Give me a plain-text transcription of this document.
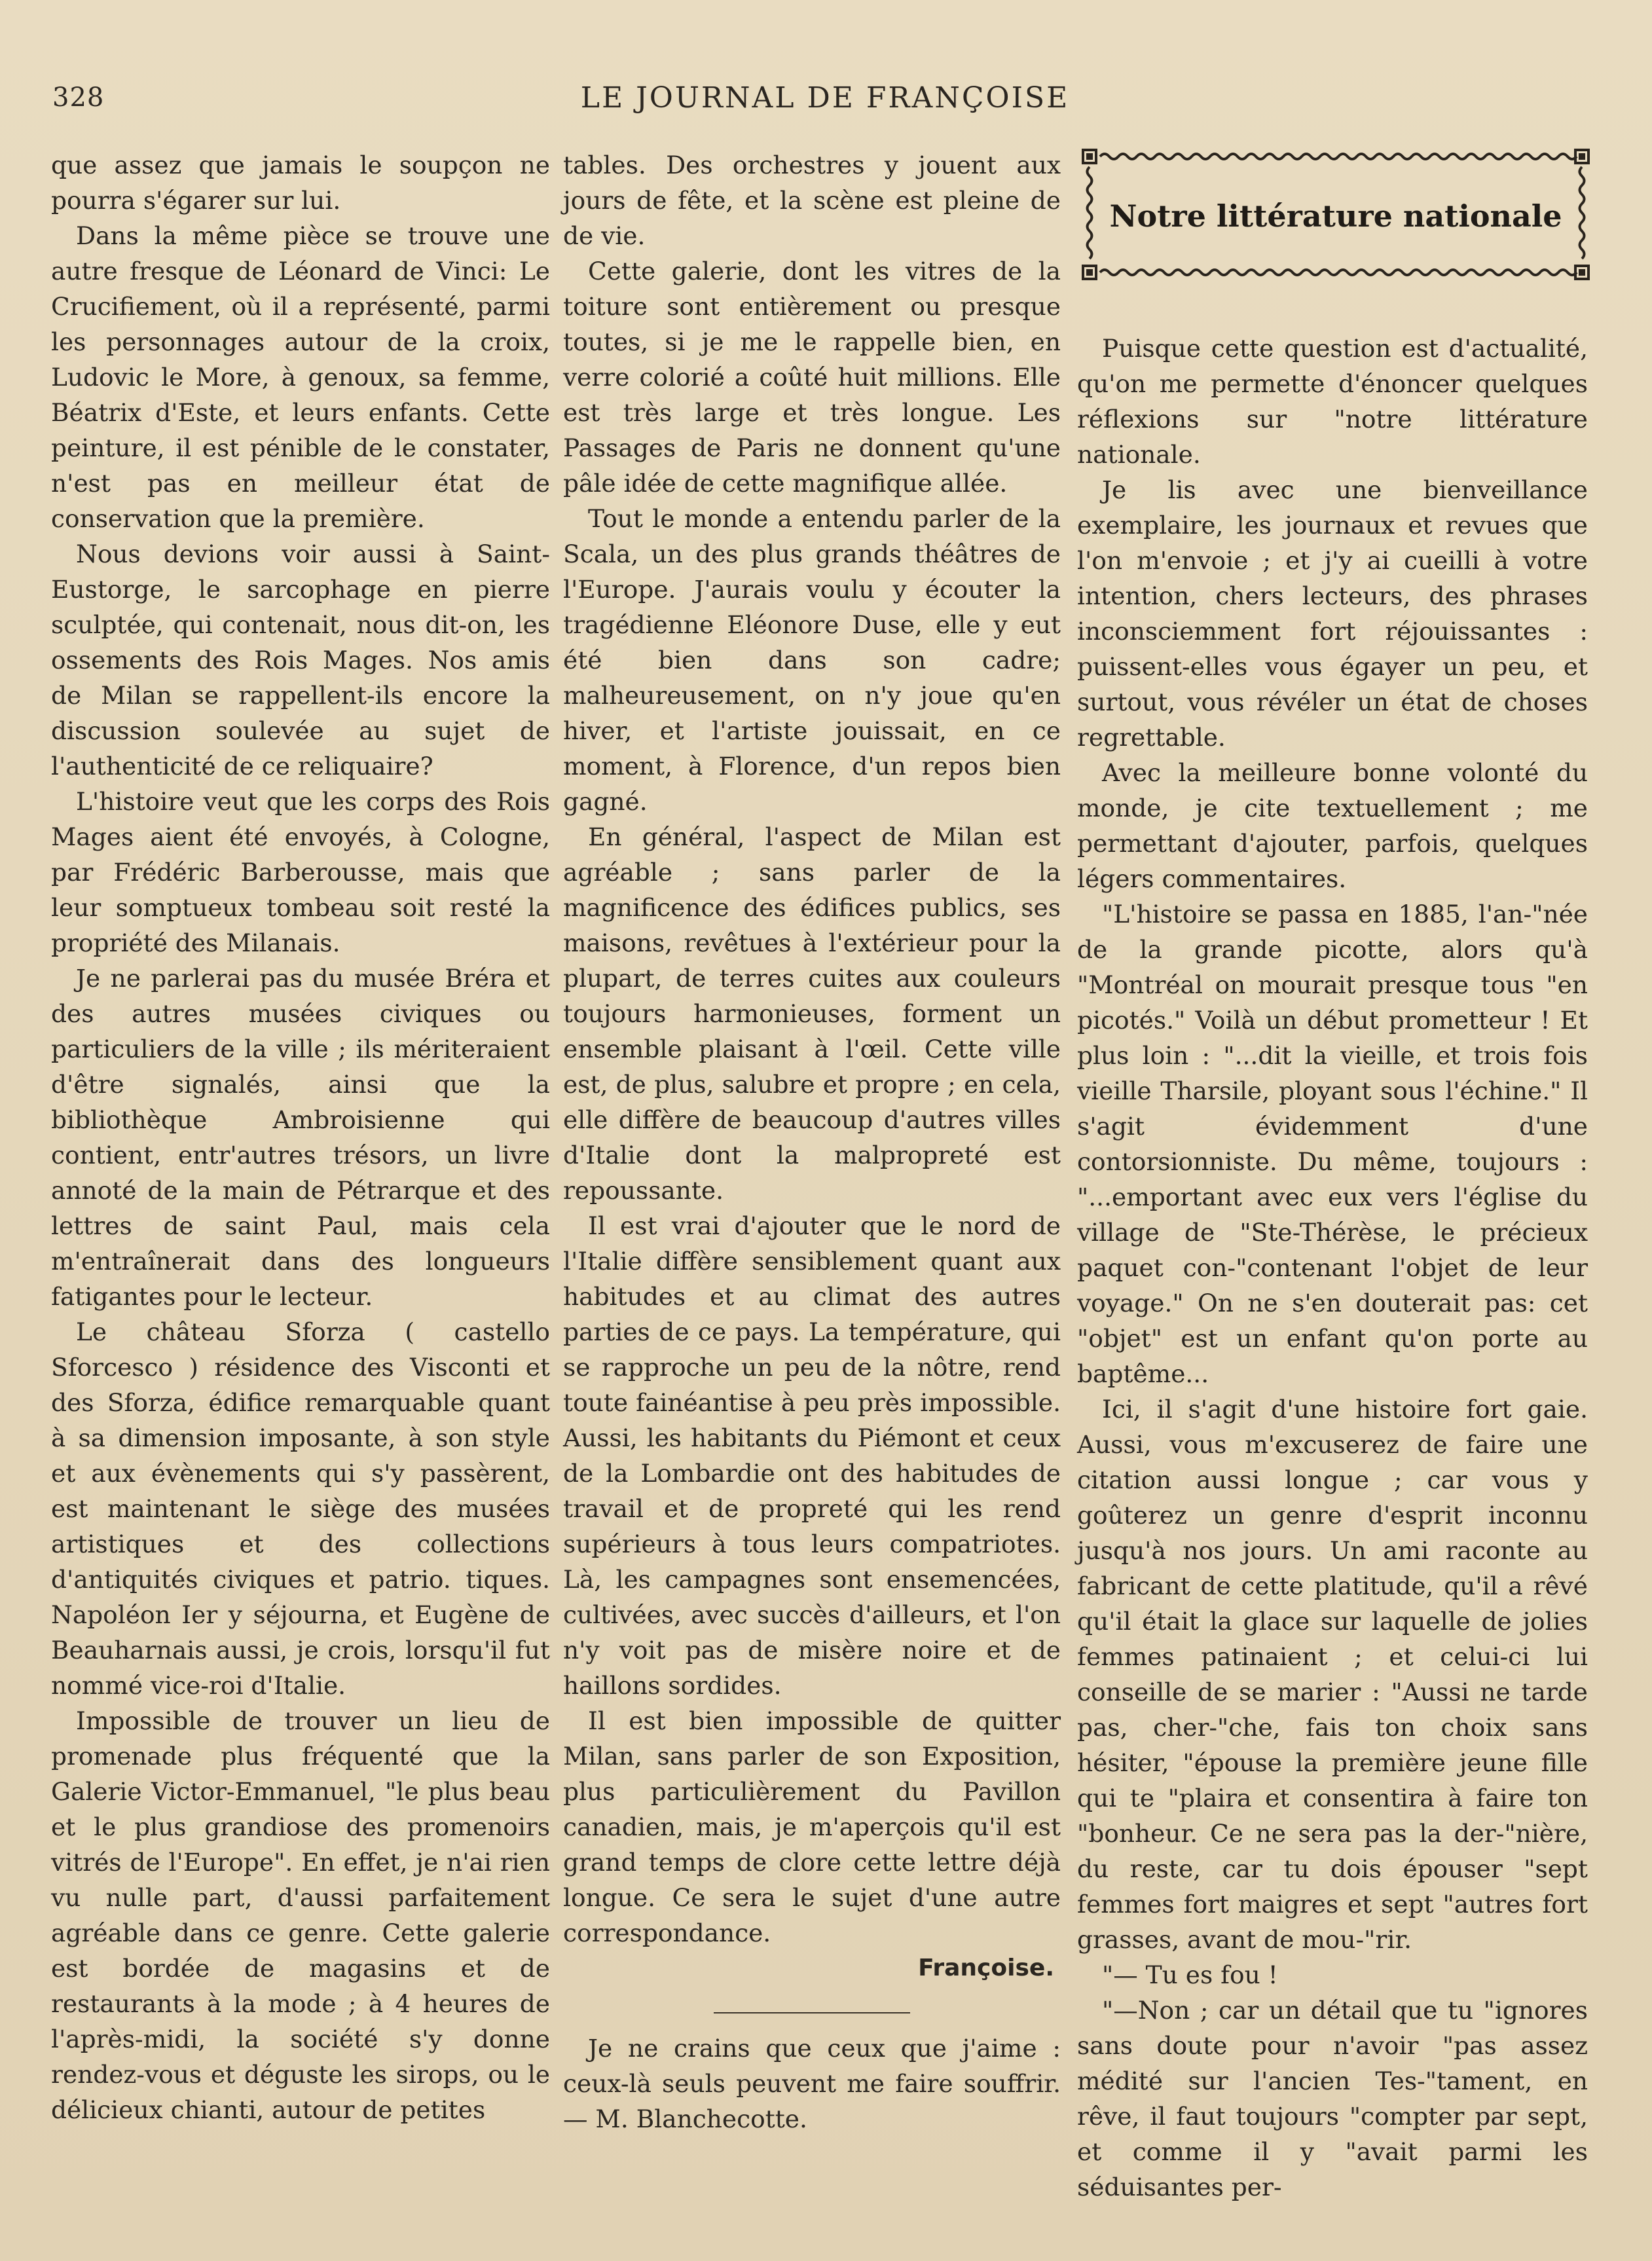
328	LE JOURNAL DE FRANÇOISE

que assez que jamais le soupçon ne pourra s'égarer sur lui.

Dans la même pièce se trouve une autre fresque de Léonard de Vinci: Le Crucifiement, où il a représenté, parmi les personnages autour de la croix, Ludovic le More, à genoux, sa femme, Béatrix d'Este, et leurs enfants. Cette peinture, il est pénible de le constater, n'est pas en meilleur état de conservation que la première.

Nous devions voir aussi à Saint-Eustorge, le sarcophage en pierre sculptée, qui contenait, nous dit-on, les ossements des Rois Mages. Nos amis de Milan se rappellent-ils encore la discussion soulevée au sujet de l'authenticité de ce reliquaire?

L'histoire veut que les corps des Rois Mages aient été envoyés, à Cologne, par Frédéric Barberousse, mais que leur somptueux tombeau soit resté la propriété des Milanais.

Je ne parlerai pas du musée Bréra et des autres musées civiques ou particuliers de la ville ; ils mériteraient d'être signalés, ainsi que la bibliothèque Ambroisienne qui contient, entr'autres trésors, un livre annoté de la main de Pétrarque et des lettres de saint Paul, mais cela m'entraînerait dans des longueurs fatigantes pour le lecteur.

Le château Sforza ( castello Sforcesco ) résidence des Visconti et des Sforza, édifice remarquable quant à sa dimension imposante, à son style et aux évènements qui s'y passèrent, est maintenant le siège des musées artistiques et des collections d'antiquités civiques et patrio. tiques. Napoléon Ier y séjourna, et Eugène de Beauharnais aussi, je crois, lorsqu'il fut nommé vice-roi d'Italie.

Impossible de trouver un lieu de promenade plus fréquenté que la Galerie Victor-Emmanuel, "le plus beau et le plus grandiose des promenoirs vitrés de l'Europe". En effet, je n'ai rien vu nulle part, d'aussi parfaitement agréable dans ce genre. Cette galerie est bordée de magasins et de restaurants à la mode ; à 4 heures de l'après-midi, la société s'y donne rendez-vous et déguste les sirops, ou le délicieux chianti, autour de petites

tables. Des orchestres y jouent aux jours de fête, et la scène est pleine de de vie.

Cette galerie, dont les vitres de la toiture sont entièrement ou presque toutes, si je me le rappelle bien, en verre colorié a coûté huit millions. Elle est très large et très longue. Les Passages de Paris ne donnent qu'une pâle idée de cette magnifique allée.

Tout le monde a entendu parler de la Scala, un des plus grands théâtres de l'Europe. J'aurais voulu y écouter la tragédienne Eléonore Duse, elle y eut été bien dans son cadre; malheureusement, on n'y joue qu'en hiver, et l'artiste jouissait, en ce moment, à Florence, d'un repos bien gagné.

En général, l'aspect de Milan est agréable ; sans parler de la magnificence des édifices publics, ses maisons, revêtues à l'extérieur pour la plupart, de terres cuites aux couleurs toujours harmonieuses, forment un ensemble plaisant à l'œil. Cette ville est, de plus, salubre et propre ; en cela, elle diffère de beaucoup d'autres villes d'Italie dont la malpropreté est repoussante.

Il est vrai d'ajouter que le nord de l'Italie diffère sensiblement quant aux habitudes et au climat des autres parties de ce pays. La température, qui se rapproche un peu de la nôtre, rend toute fainéantise à peu près impossible. Aussi, les habitants du Piémont et ceux de la Lombardie ont des habitudes de travail et de propreté qui les rend supérieurs à tous leurs compatriotes. Là, les campagnes sont ensemencées, cultivées, avec succès d'ailleurs, et l'on n'y voit pas de misère noire et de haillons sordides.

Il est bien impossible de quitter Milan, sans parler de son Exposition, plus particulièrement du Pavillon canadien, mais, je m'aperçois qu'il est grand temps de clore cette lettre déjà longue. Ce sera le sujet d'une autre correspondance.

Françoise.

Je ne crains que ceux que j'aime : ceux-là seuls peuvent me faire souffrir. — M. Blanchecotte.

Notre littérature nationale

Puisque cette question est d'actualité, qu'on me permette d'énoncer quelques réflexions sur "notre littérature nationale.

Je lis avec une bienveillance exemplaire, les journaux et revues que l'on m'envoie ; et j'y ai cueilli à votre intention, chers lecteurs, des phrases inconsciemment fort réjouissantes : puissent-elles vous égayer un peu, et surtout, vous révéler un état de choses regrettable.

Avec la meilleure bonne volonté du monde, je cite textuellement ; me permettant d'ajouter, parfois, quelques légers commentaires.

"L'histoire se passa en 1885, l'an-"née de la grande picotte, alors qu'à "Montréal on mourait presque tous "en picotés." Voilà un début prometteur ! Et plus loin : "...dit la vieille, et trois fois vieille Tharsile, ployant sous l'échine." Il s'agit évidemment d'une contorsionniste. Du même, toujours : "...emportant avec eux vers l'église du village de "Ste-Thérèse, le précieux paquet con-"contenant l'objet de leur voyage." On ne s'en douterait pas: cet "objet" est un enfant qu'on porte au baptême...

Ici, il s'agit d'une histoire fort gaie. Aussi, vous m'excuserez de faire une citation aussi longue ; car vous y goûterez un genre d'esprit inconnu jusqu'à nos jours. Un ami raconte au fabricant de cette platitude, qu'il a rêvé qu'il était la glace sur laquelle de jolies femmes patinaient ; et celui-ci lui conseille de se marier : "Aussi ne tarde pas, cher-"che, fais ton choix sans hésiter, "épouse la première jeune fille qui te "plaira et consentira à faire ton "bonheur. Ce ne sera pas la der-"nière, du reste, car tu dois épouser "sept femmes fort maigres et sept "autres fort grasses, avant de mou-"rir.

"— Tu es fou !

"—Non ; car un détail que tu "ignores sans doute pour n'avoir "pas assez médité sur l'ancien Tes-"tament, en rêve, il faut toujours "compter par sept, et comme il y "avait parmi les séduisantes per-
